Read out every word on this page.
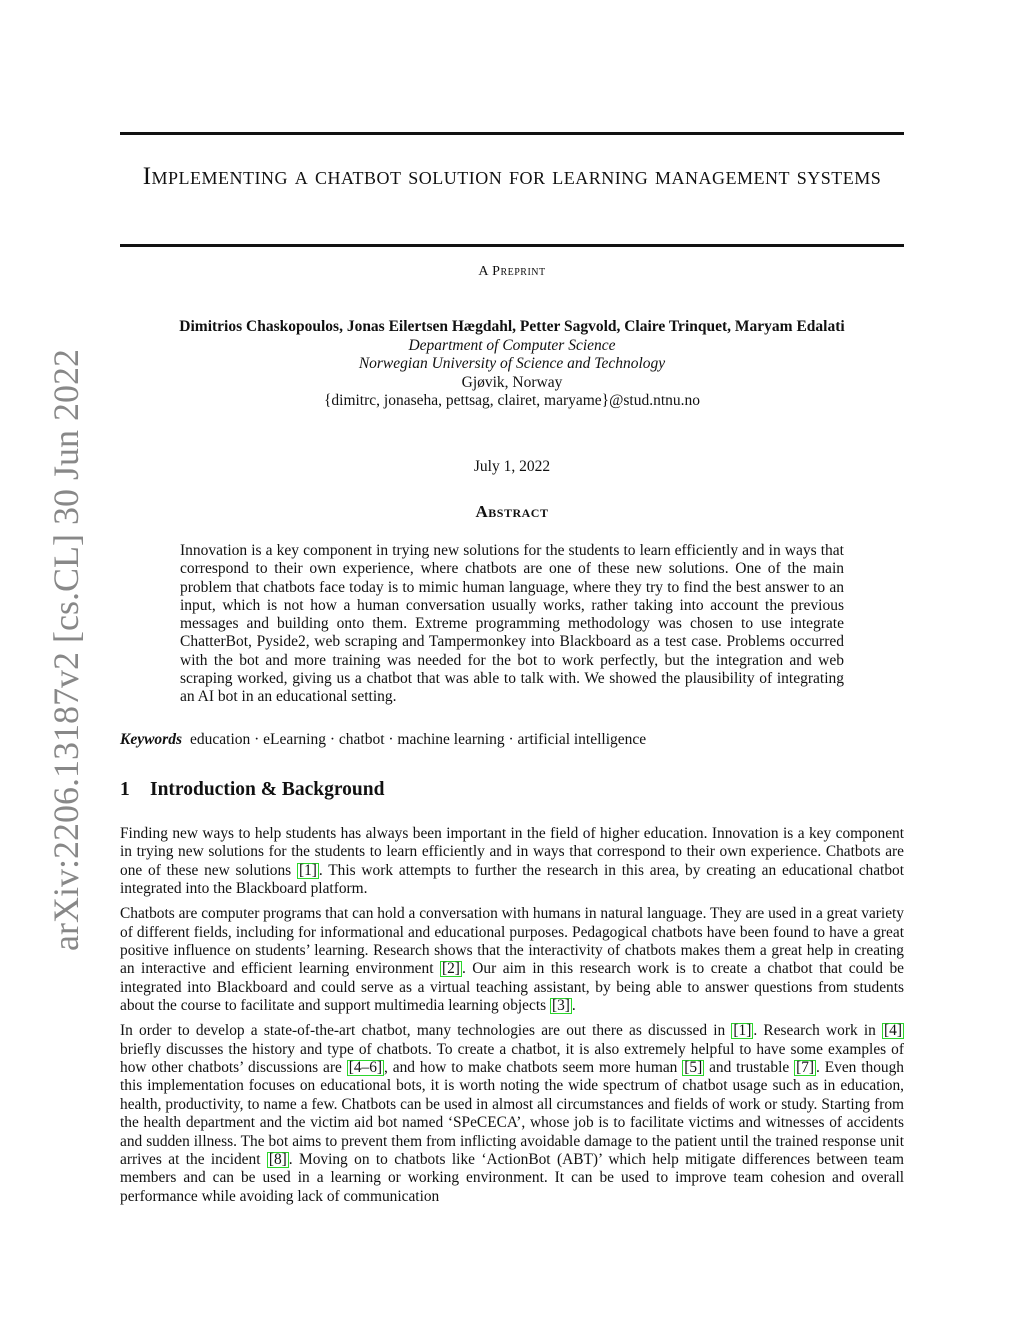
arXiv:2206.13187v2 [cs.CL] 30 Jun 2022
Implementing a chatbot solution for learning management systems
A Preprint
Dimitrios Chaskopoulos, Jonas Eilertsen Hægdahl, Petter Sagvold, Claire Trinquet, Maryam Edalati
Department of Computer Science
Norwegian University of Science and Technology
Gjøvik, Norway
{dimitrc, jonaseha, pettsag, clairet, maryame}@stud.ntnu.no
July 1, 2022
Abstract
Innovation is a key component in trying new solutions for the students to learn efficiently and in ways that correspond to their own experience, where chatbots are one of these new solutions. One of the main problem that chatbots face today is to mimic human language, where they try to find the best answer to an input, which is not how a human conversation usually works, rather taking into account the previous messages and building onto them. Extreme programming methodology was chosen to use integrate ChatterBot, Pyside2, web scraping and Tampermonkey into Blackboard as a test case. Problems occurred with the bot and more training was needed for the bot to work perfectly, but the integration and web scraping worked, giving us a chatbot that was able to talk with. We showed the plausibility of integrating an AI bot in an educational setting.
Keywords education · eLearning · chatbot · machine learning · artificial intelligence
1 Introduction & Background

Finding new ways to help students has always been important in the field of higher education. Innovation is a key component in trying new solutions for the students to learn efficiently and in ways that correspond to their own experience. Chatbots are one of these new solutions [1] . This work attempts to further the research in this area, by creating an educational chatbot integrated into the Blackboard platform.

Chatbots are computer programs that can hold a conversation with humans in natural language. They are used in a great variety of different fields, including for informational and educational purposes. Pedagogical chatbots have been found to have a great positive influence on students’ learning. Research shows that the interactivity of chatbots makes them a great help in creating an interactive and efficient learning environment [2] . Our aim in this research work is to create a chatbot that could be integrated into Blackboard and could serve as a virtual teaching assistant, by being able to answer questions from students about the course to facilitate and support multimedia learning objects [3] .

In order to develop a state-of-the-art chatbot, many technologies are out there as discussed in [1] . Research work in [4] briefly discusses the history and type of chatbots. To create a chatbot, it is also extremely helpful to have some examples of how other chatbots’ discussions are [4–6] , and how to make chatbots seem more human [5] and trustable [7] . Even though this implementation focuses on educational bots, it is worth noting the wide spectrum of chatbot usage such as in education, health, productivity, to name a few. Chatbots can be used in almost all circumstances and fields of work or study. Starting from the health department and the victim aid bot named ‘SPeCECA’, whose job is to facilitate victims and witnesses of accidents and sudden illness. The bot aims to prevent them from inflicting avoidable damage to the patient until the trained response unit arrives at the incident [8] . Moving on to chatbots like ‘ActionBot (ABT)’ which help mitigate differences between team members and can be used in a learning or working environment. It can be used to improve team cohesion and overall performance while avoiding lack of communication
